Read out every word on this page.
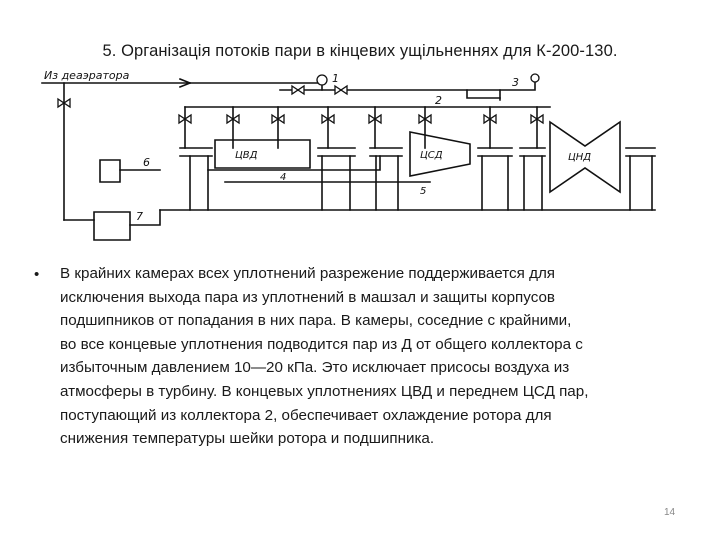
5. Організація потоків пари в кінцевих ущільненнях для К-200-130.
Из деаэратора
ЦВД	ЦСД	ЦНД
1
2
3
4
5
6
7
• В крайних камерах всех уплотнений разрежение поддерживается для

исключения выхода пара из уплотнений в машзал и защиты корпусов

подшипников от попадания в них пара. В камеры, соседние с крайними,

во все концевые уплотнения подводится пар из Д от общего коллектора с

избыточным давлением 10—20 кПа. Это исключает присосы воздуха из

атмосферы в турбину. В концевых уплотнениях ЦВД и переднем ЦСД пар,

поступающий из коллектора 2, обеспечивает охлаждение ротора для

снижения температуры шейки ротора и подшипника.

14
